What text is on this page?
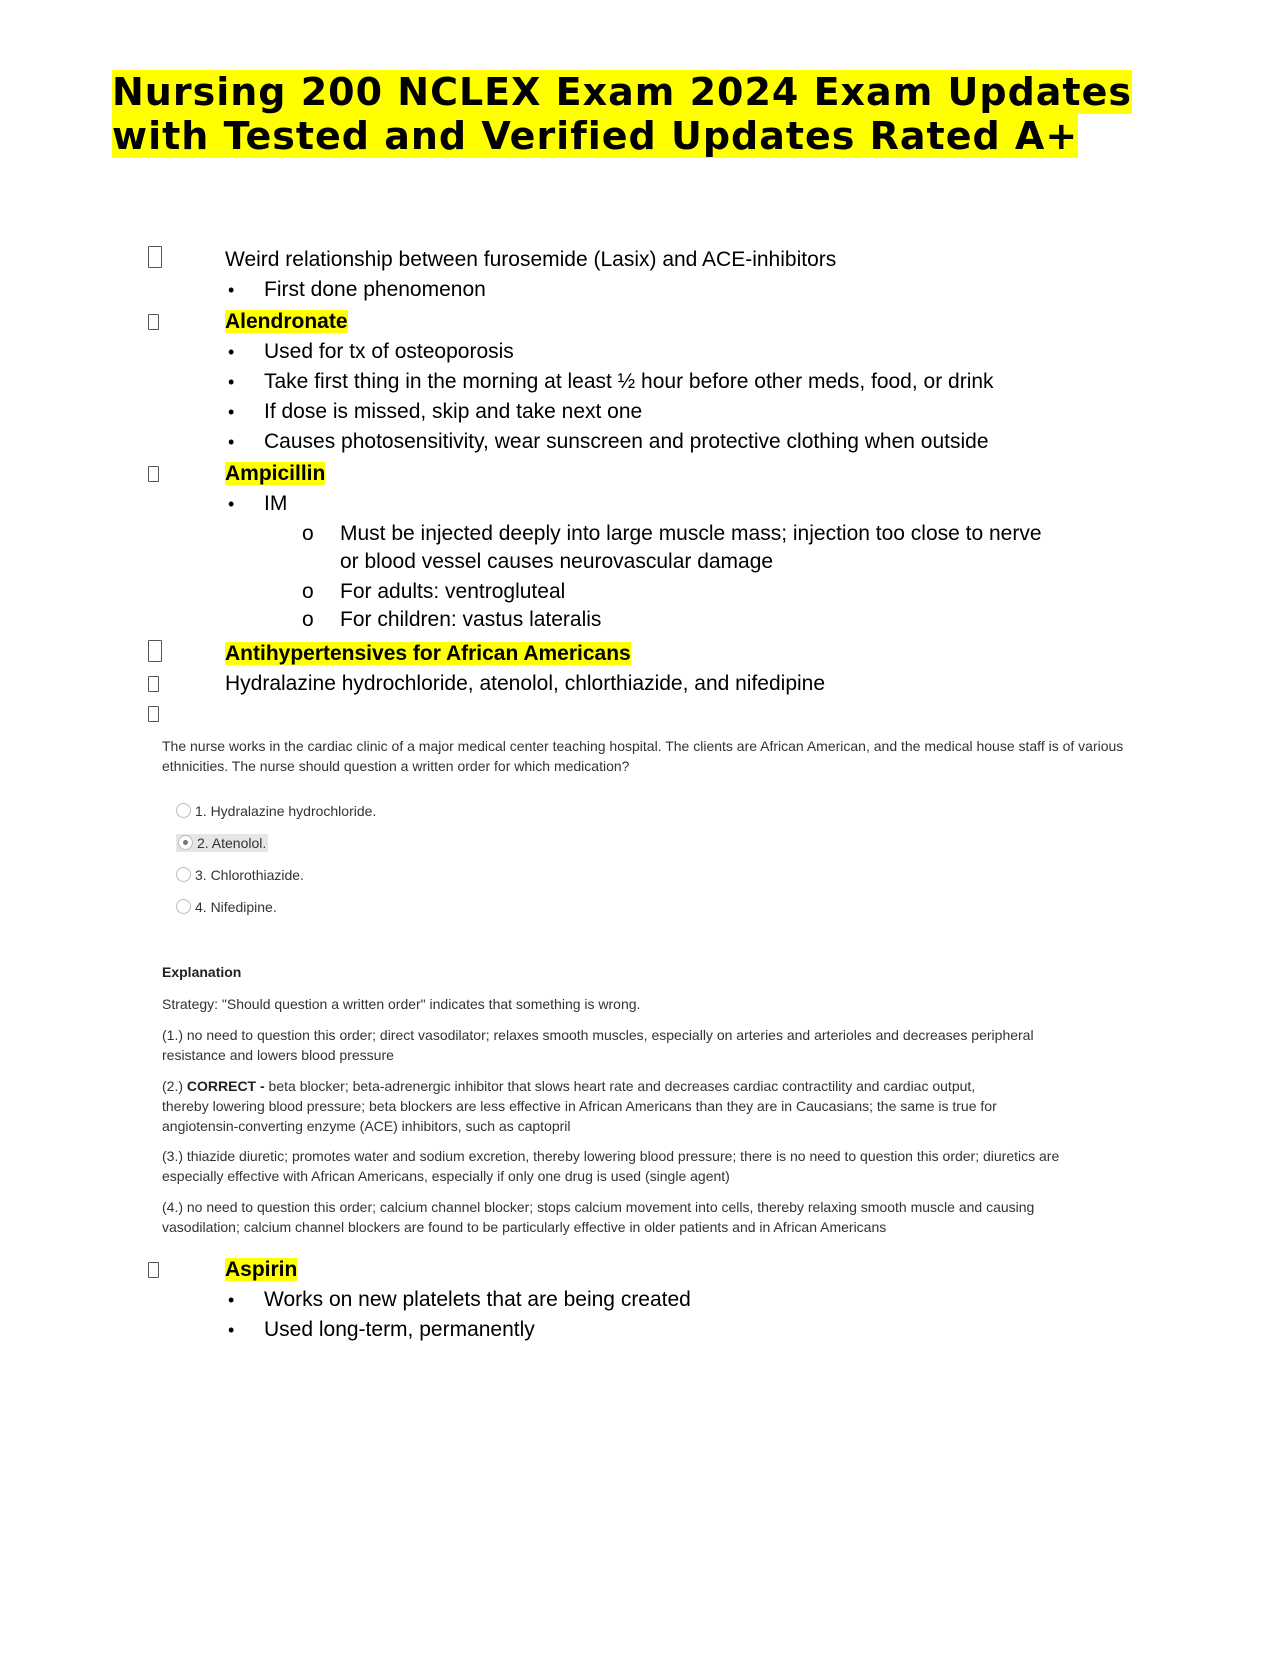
Nursing 200 NCLEX Exam 2024 Exam Updates with Tested and Verified Updates Rated A+
Weird relationship between furosemide (Lasix) and ACE-inhibitors
• First done phenomenon
Alendronate
• Used for tx of osteoporosis
• Take first thing in the morning at least ½ hour before other meds, food, or drink
• If dose is missed, skip and take next one
• Causes photosensitivity, wear sunscreen and protective clothing when outside
Ampicillin
• IM
o Must be injected deeply into large muscle mass; injection too close to nerve
or blood vessel causes neurovascular damage
o For adults: ventrogluteal
o For children: vastus lateralis
Antihypertensives for African Americans
Hydralazine hydrochloride, atenolol, chlorthiazide, and nifedipine
The nurse works in the cardiac clinic of a major medical center teaching hospital. The clients are African American, and the medical house staff is of various ethnicities. The nurse should question a written order for which medication?
1. Hydralazine hydrochloride.
2. Atenolol.
3. Chlorothiazide.
4. Nifedipine.
Explanation
Strategy: "Should question a written order" indicates that something is wrong.
(1.) no need to question this order; direct vasodilator; relaxes smooth muscles, especially on arteries and arterioles and decreases peripheral resistance and lowers blood pressure
(2.) CORRECT - beta blocker; beta-adrenergic inhibitor that slows heart rate and decreases cardiac contractility and cardiac output, thereby lowering blood pressure; beta blockers are less effective in African Americans than they are in Caucasians; the same is true for angiotensin-converting enzyme (ACE) inhibitors, such as captopril
(3.) thiazide diuretic; promotes water and sodium excretion, thereby lowering blood pressure; there is no need to question this order; diuretics are especially effective with African Americans, especially if only one drug is used (single agent)
(4.) no need to question this order; calcium channel blocker; stops calcium movement into cells, thereby relaxing smooth muscle and causing vasodilation; calcium channel blockers are found to be particularly effective in older patients and in African Americans
Aspirin
• Works on new platelets that are being created
• Used long-term, permanently
